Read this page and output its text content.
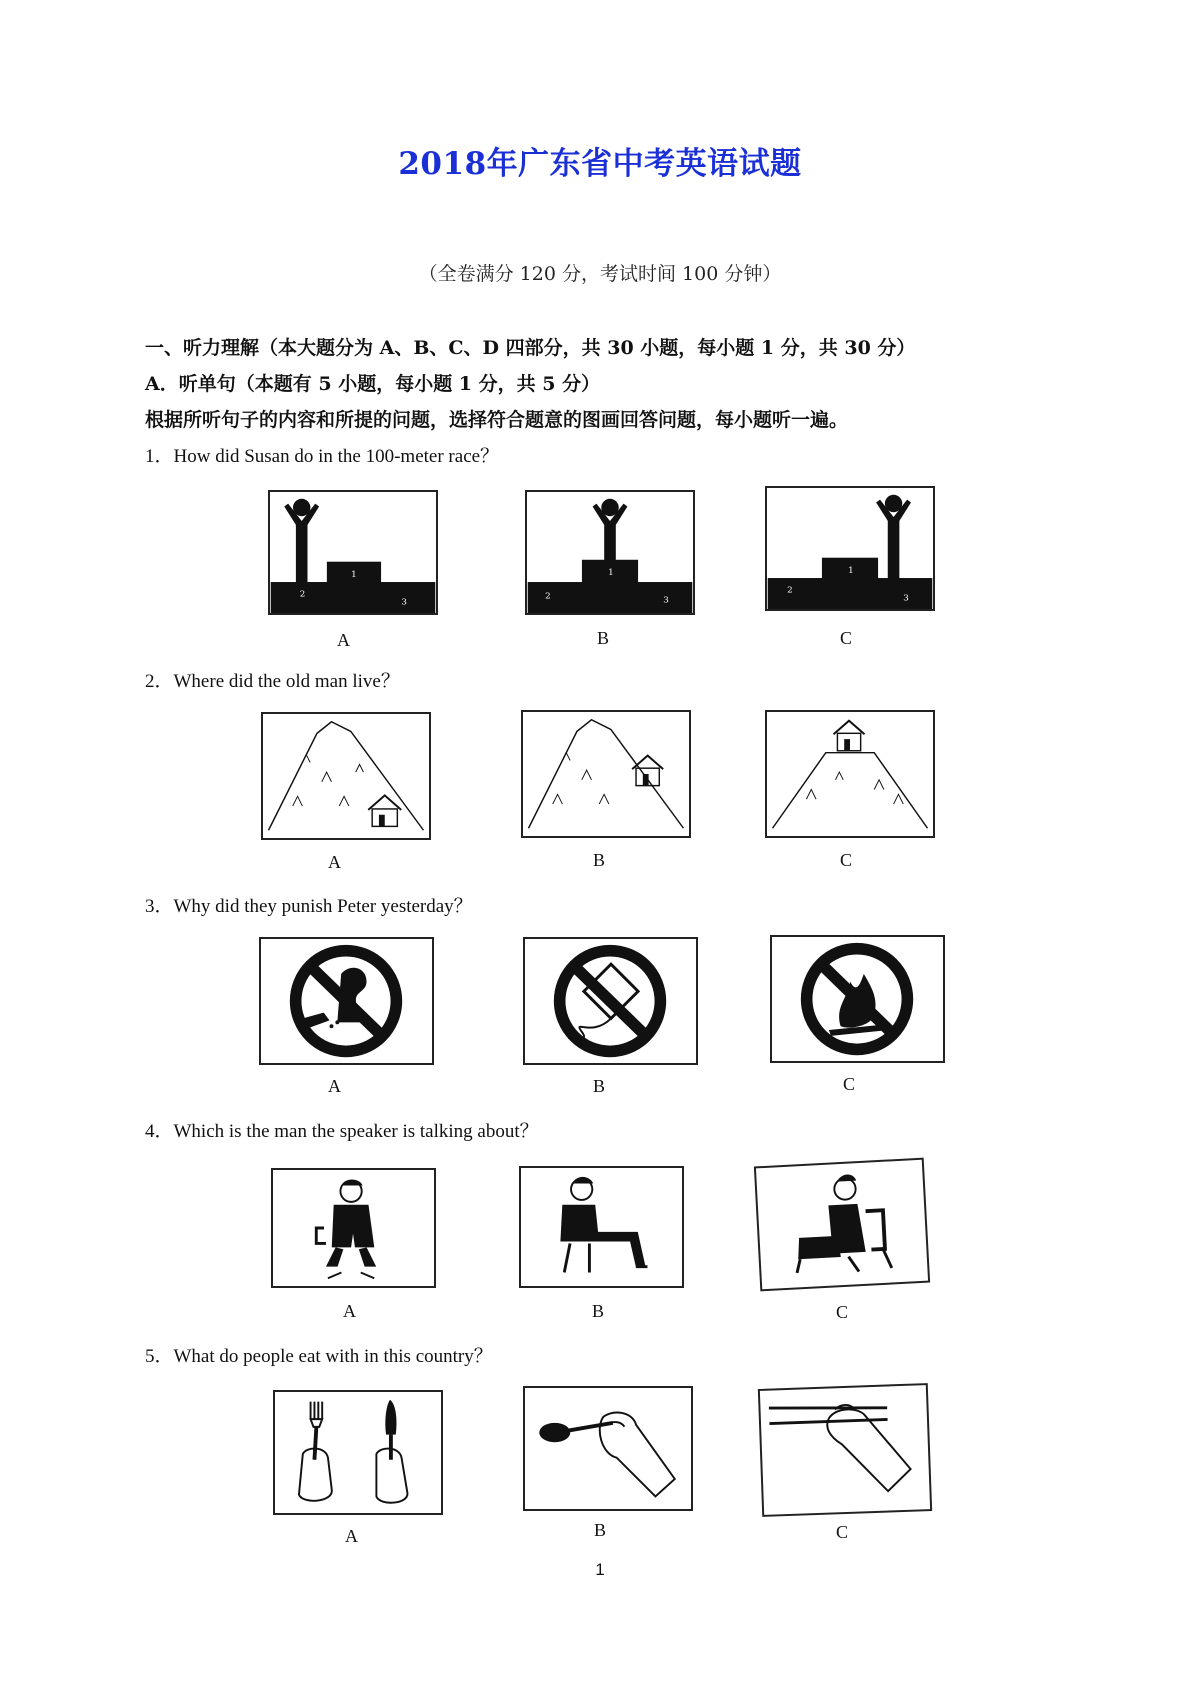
2018年广东省中考英语试题
（全卷满分 120 分，考试时间 100 分钟）
一、听力理解（本大题分为 A、B、C、D 四部分，共 30 小题，每小题 1 分，共 30 分）
A．听单句（本题有 5 小题，每小题 1 分，共 5 分）
根据所听句子的内容和所提的问题，选择符合题意的图画回答问题，每小题听一遍。
1．How did Susan do in the 100-meter race？
1
2
3
A
1
2	3
B
1
2
3
C
2．Where did the old man live？
A	B	C
3．Why did they punish Peter yesterday？
A	B	C
4．Which is the man the speaker is talking about？
A	B	C
5．What do people eat with in this country？
A	B	C
1
